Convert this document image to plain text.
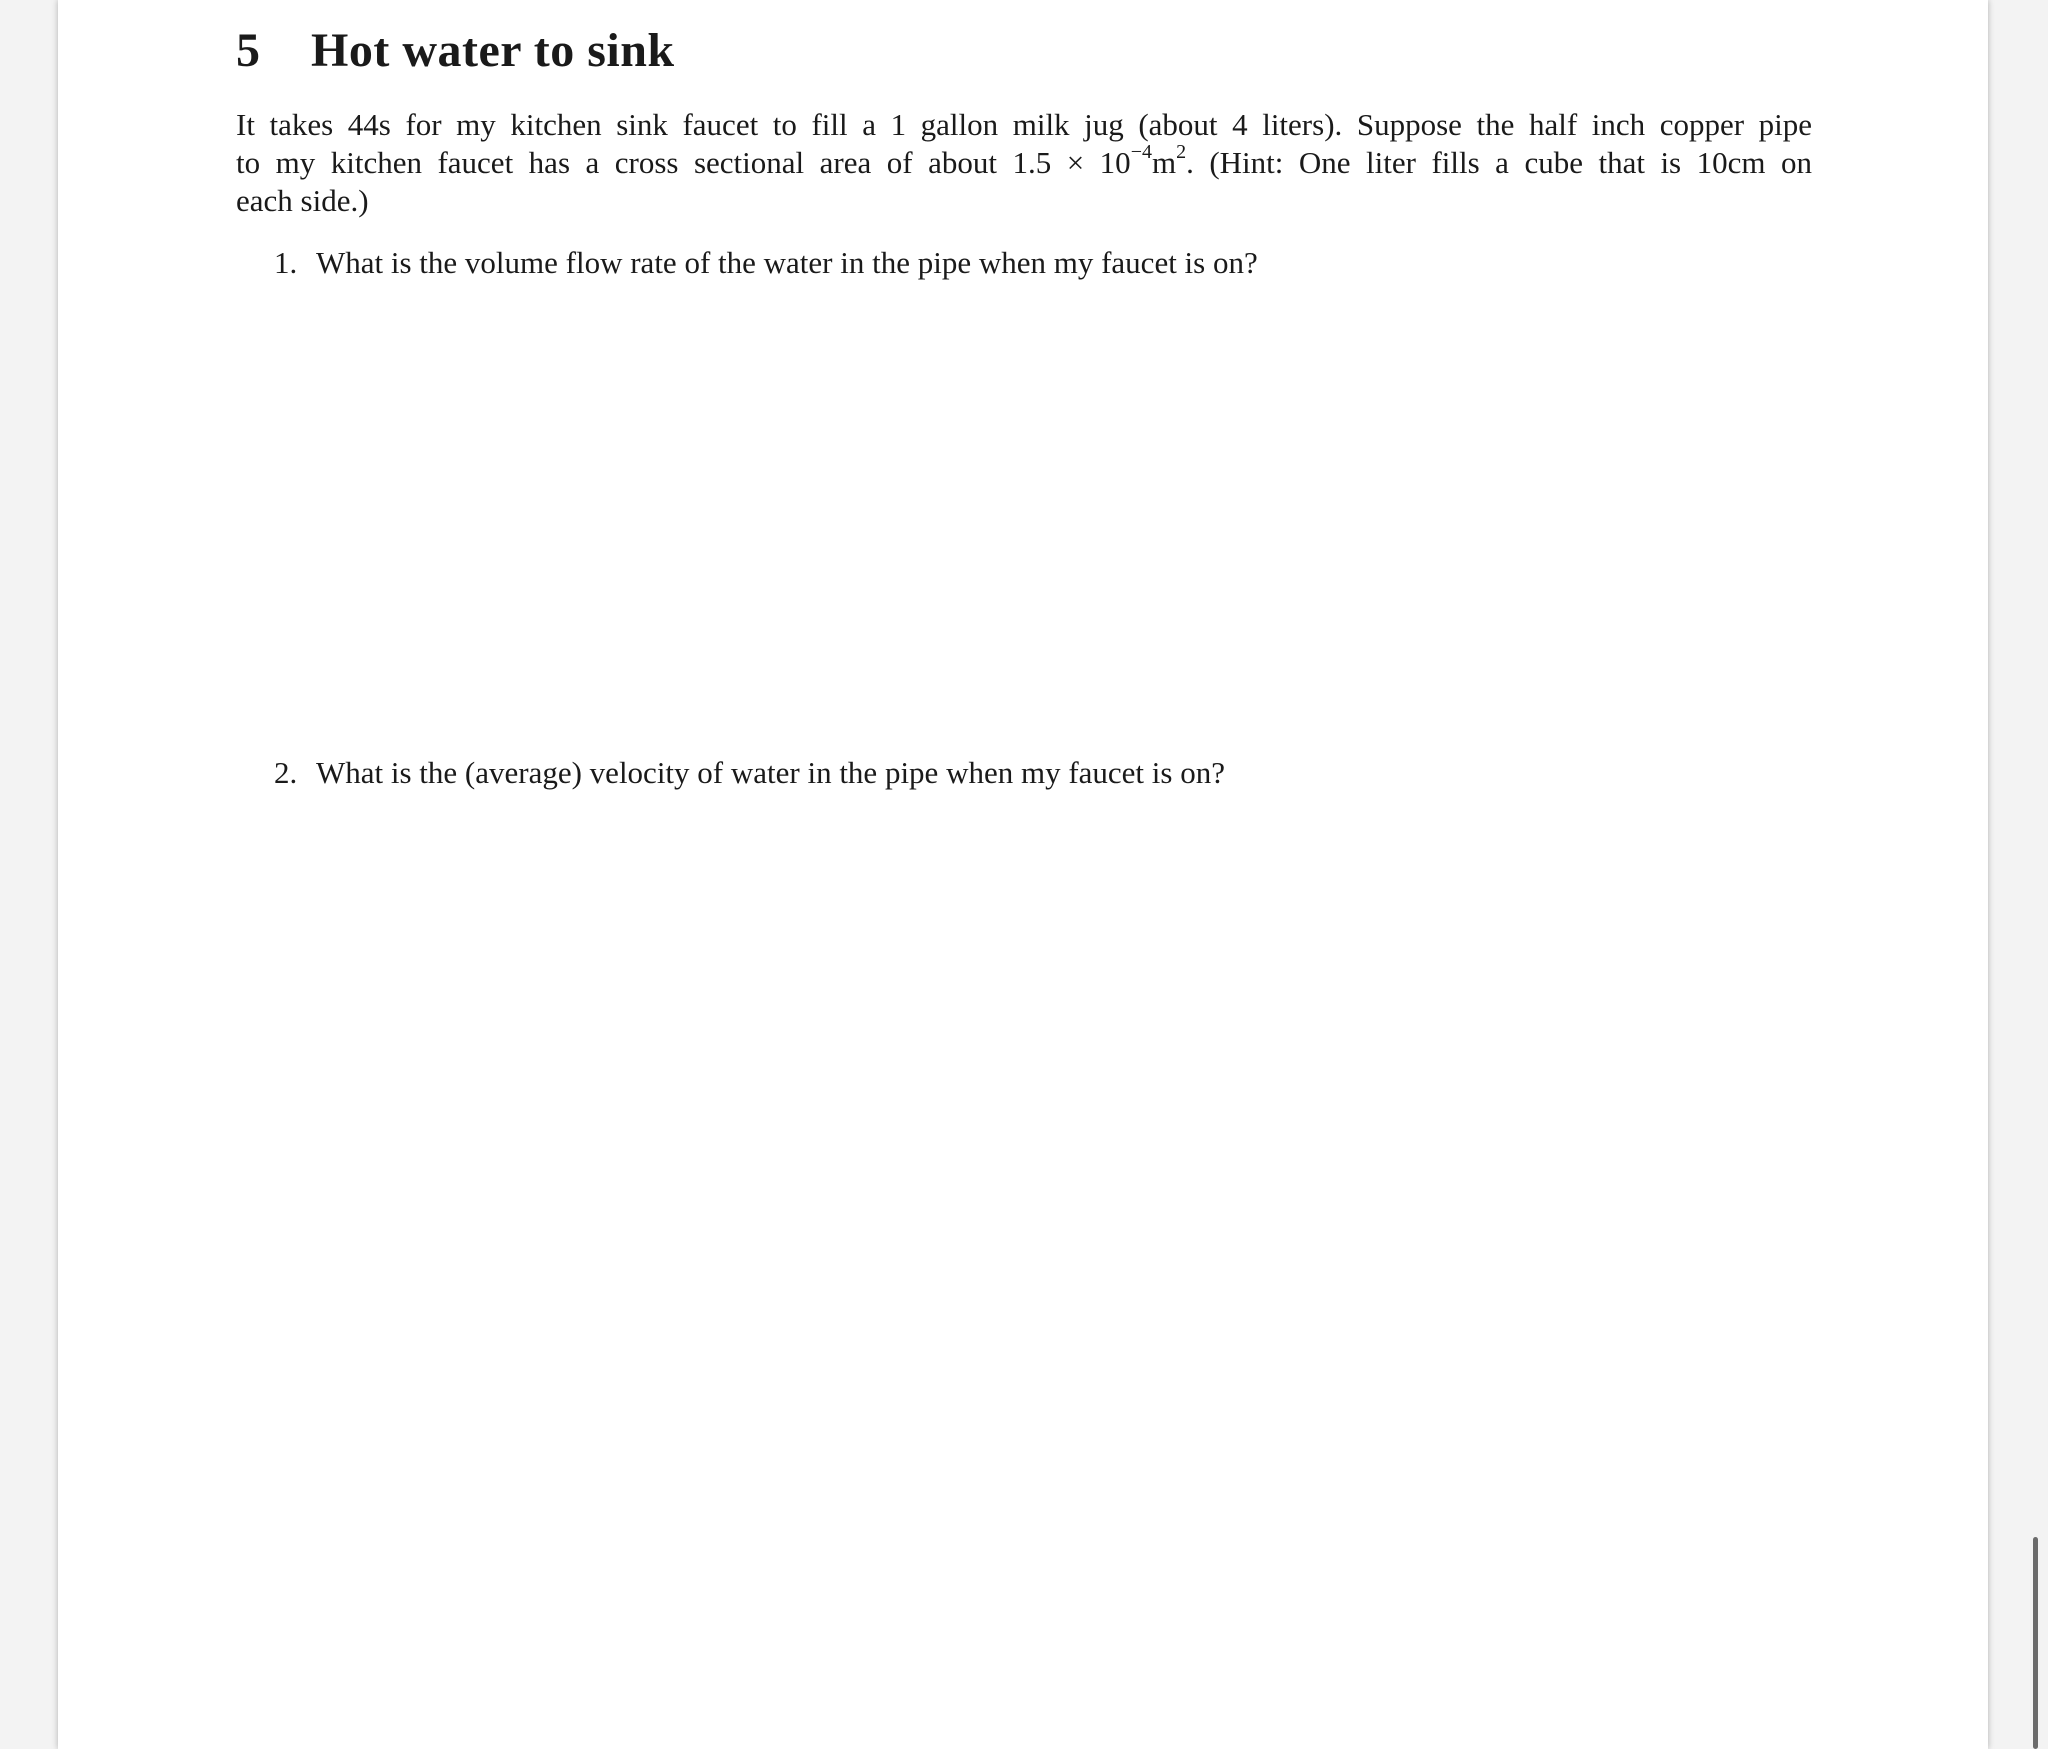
5 Hot water to sink
It takes 44s for my kitchen sink faucet to fill a 1 gallon milk jug (about 4 liters). Suppose the half inch copper pipe
to my kitchen faucet has a cross sectional area of about $1.5 \times 10^{-4}m^2$. (Hint: One liter fills a cube that is 10cm on
each side.)
1. What is the volume flow rate of the water in the pipe when my faucet is on?
2. What is the (average) velocity of water in the pipe when my faucet is on?
